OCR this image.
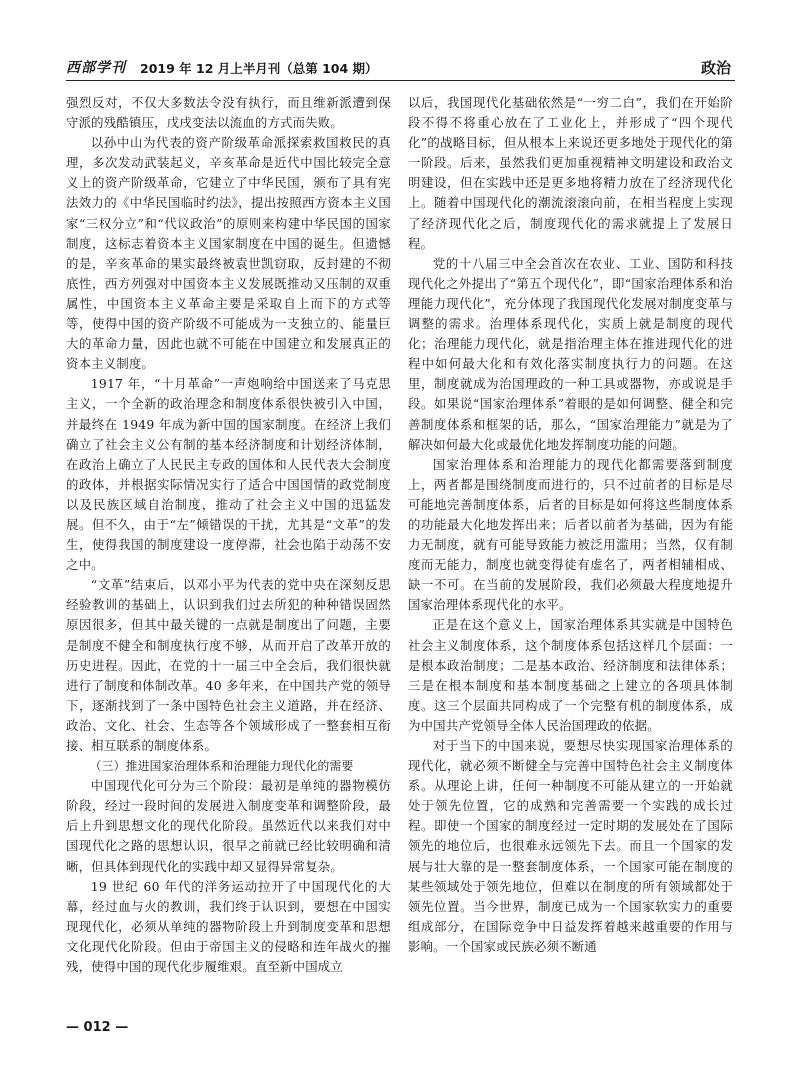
西部学刊 2019 年 12 月上半月刊（总第 104 期）	政治

强烈反对，不仅大多数法令没有执行，而且维新派遭到保守派的残酷镇压，戊戌变法以流血的方式而失败。

以孙中山为代表的资产阶级革命派探索救国救民的真理，多次发动武装起义，辛亥革命是近代中国比较完全意义上的资产阶级革命，它建立了中华民国，颁布了具有宪法效力的《中华民国临时约法》，提出按照西方资本主义国家“三权分立”和“代议政治”的原则来构建中华民国的国家制度，这标志着资本主义国家制度在中国的诞生。但遗憾的是，辛亥革命的果实最终被袁世凯窃取，反封建的不彻底性，西方列强对中国资本主义发展既推动又压制的双重属性，中国资本主义革命主要是采取自上而下的方式等等，使得中国的资产阶级不可能成为一支独立的、能量巨大的革命力量，因此也就不可能在中国建立和发展真正的资本主义制度。

1917 年，“十月革命”一声炮响给中国送来了马克思主义，一个全新的政治理念和制度体系很快被引入中国，并最终在 1949 年成为新中国的国家制度。在经济上我们确立了社会主义公有制的基本经济制度和计划经济体制，在政治上确立了人民民主专政的国体和人民代表大会制度的政体，并根据实际情况实行了适合中国国情的政党制度以及民族区域自治制度，推动了社会主义中国的迅猛发展。但不久，由于“左”倾错误的干扰，尤其是“文革”的发生，使得我国的制度建设一度停滞，社会也陷于动荡不安之中。

“文革”结束后，以邓小平为代表的党中央在深刻反思经验教训的基础上，认识到我们过去所犯的种种错误固然原因很多，但其中最关键的一点就是制度出了问题，主要是制度不健全和制度执行度不够，从而开启了改革开放的历史进程。因此，在党的十一届三中全会后，我们很快就进行了制度和体制改革。40 多年来，在中国共产党的领导下，逐渐找到了一条中国特色社会主义道路，并在经济、政治、文化、社会、生态等各个领域形成了一整套相互衔接、相互联系的制度体系。

（三）推进国家治理体系和治理能力现代化的需要

中国现代化可分为三个阶段：最初是单纯的器物模仿阶段，经过一段时间的发展进入制度变革和调整阶段，最后上升到思想文化的现代化阶段。虽然近代以来我们对中国现代化之路的思想认识，很早之前就已经比较明确和清晰，但具体到现代化的实践中却又显得异常复杂。

19 世纪 60 年代的洋务运动拉开了中国现代化的大幕，经过血与火的教训，我们终于认识到，要想在中国实现现代化，必须从单纯的器物阶段上升到制度变革和思想文化现代化阶段。但由于帝国主义的侵略和连年战火的摧残，使得中国的现代化步履维艰。直至新中国成立

以后，我国现代化基础依然是“一穷二白”，我们在开始阶段不得不将重心放在了工业化上，并形成了“四个现代化”的战略目标，但从根本上来说还更多地处于现代化的第一阶段。后来，虽然我们更加重视精神文明建设和政治文明建设，但在实践中还是更多地将精力放在了经济现代化上。随着中国现代化的潮流滚滚向前，在相当程度上实现了经济现代化之后，制度现代化的需求就提上了发展日程。

党的十八届三中全会首次在农业、工业、国防和科技现代化之外提出了“第五个现代化”，即“国家治理体系和治理能力现代化”，充分体现了我国现代化发展对制度变革与调整的需求。治理体系现代化，实质上就是制度的现代化；治理能力现代化，就是指治理主体在推进现代化的进程中如何最大化和有效化落实制度执行力的问题。在这里，制度就成为治国理政的一种工具或器物，亦或说是手段。如果说“国家治理体系”着眼的是如何调整、健全和完善制度体系和框架的话，那么，“国家治理能力”就是为了解决如何最大化或最优化地发挥制度功能的问题。

国家治理体系和治理能力的现代化都需要落到制度上，两者都是围绕制度而进行的，只不过前者的目标是尽可能地完善制度体系，后者的目标是如何将这些制度体系的功能最大化地发挥出来；后者以前者为基础，因为有能力无制度，就有可能导致能力被泛用滥用；当然，仅有制度而无能力，制度也就变得徒有虚名了，两者相辅相成、缺一不可。在当前的发展阶段，我们必须最大程度地提升国家治理体系现代化的水平。

正是在这个意义上，国家治理体系其实就是中国特色社会主义制度体系，这个制度体系包括这样几个层面：一是根本政治制度；二是基本政治、经济制度和法律体系；三是在根本制度和基本制度基础之上建立的各项具体制度。这三个层面共同构成了一个完整有机的制度体系，成为中国共产党领导全体人民治国理政的依据。

对于当下的中国来说，要想尽快实现国家治理体系的现代化，就必须不断健全与完善中国特色社会主义制度体系。从理论上讲，任何一种制度不可能从建立的一开始就处于领先位置，它的成熟和完善需要一个实践的成长过程。即使一个国家的制度经过一定时期的发展处在了国际领先的地位后，也很难永远领先下去。而且一个国家的发展与壮大靠的是一整套制度体系，一个国家可能在制度的某些领域处于领先地位，但难以在制度的所有领域都处于领先位置。当今世界，制度已成为一个国家软实力的重要组成部分，在国际竞争中日益发挥着越来越重要的作用与影响。一个国家或民族必须不断通

— 012 —
